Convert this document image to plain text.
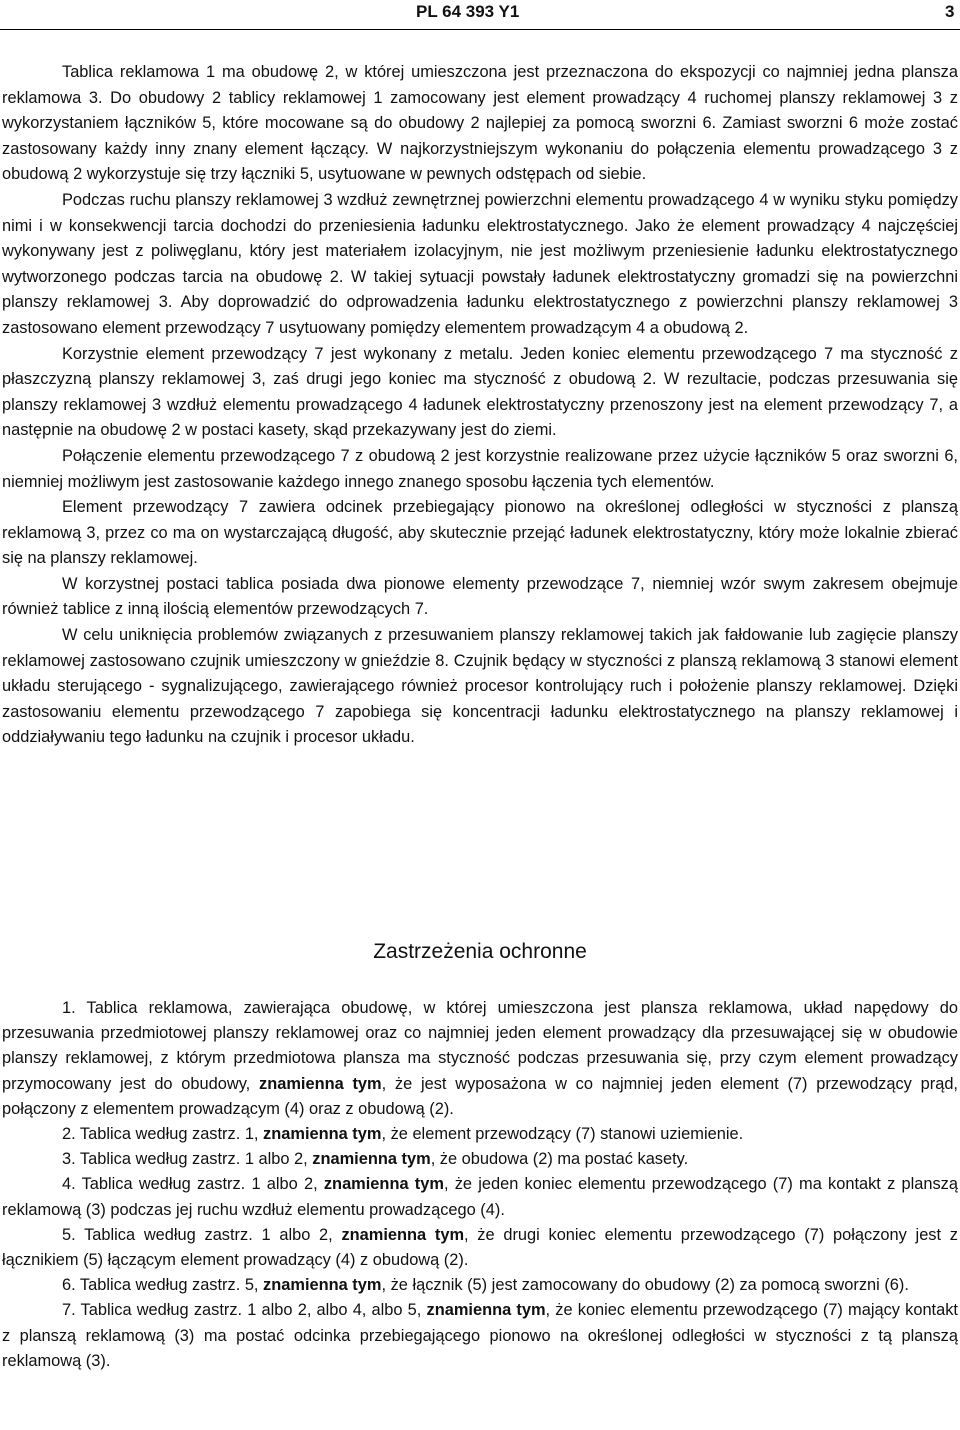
PL 64 393 Y1	3

Tablica reklamowa 1 ma obudowę 2, w której umieszczona jest przeznaczona do ekspozycji co najmniej jedna plansza reklamowa 3. Do obudowy 2 tablicy reklamowej 1 zamocowany jest element prowadzący 4 ruchomej planszy reklamowej 3 z wykorzystaniem łączników 5, które mocowane są do obudowy 2 najlepiej za pomocą sworzni 6. Zamiast sworzni 6 może zostać zastosowany każdy inny znany element łączący. W najkorzystniejszym wykonaniu do połączenia elementu prowadzącego 3 z obudową 2 wykorzystuje się trzy łączniki 5, usytuowane w pewnych odstępach od siebie.

Podczas ruchu planszy reklamowej 3 wzdłuż zewnętrznej powierzchni elementu prowadzącego 4 w wyniku styku pomiędzy nimi i w konsekwencji tarcia dochodzi do przeniesienia ładunku elektrostatycznego. Jako że element prowadzący 4 najczęściej wykonywany jest z poliwęglanu, który jest materiałem izolacyjnym, nie jest możliwym przeniesienie ładunku elektrostatycznego wytworzonego podczas tarcia na obudowę 2. W takiej sytuacji powstały ładunek elektrostatyczny gromadzi się na powierzchni planszy reklamowej 3. Aby doprowadzić do odprowadzenia ładunku elektrostatycznego z powierzchni planszy reklamowej 3 zastosowano element przewodzący 7 usytuowany pomiędzy elementem prowadzącym 4 a obudową 2.

Korzystnie element przewodzący 7 jest wykonany z metalu. Jeden koniec elementu przewodzącego 7 ma styczność z płaszczyzną planszy reklamowej 3, zaś drugi jego koniec ma styczność z obudową 2. W rezultacie, podczas przesuwania się planszy reklamowej 3 wzdłuż elementu prowadzącego 4 ładunek elektrostatyczny przenoszony jest na element przewodzący 7, a następnie na obudowę 2 w postaci kasety, skąd przekazywany jest do ziemi.

Połączenie elementu przewodzącego 7 z obudową 2 jest korzystnie realizowane przez użycie łączników 5 oraz sworzni 6, niemniej możliwym jest zastosowanie każdego innego znanego sposobu łączenia tych elementów.

Element przewodzący 7 zawiera odcinek przebiegający pionowo na określonej odległości w styczności z planszą reklamową 3, przez co ma on wystarczającą długość, aby skutecznie przejąć ładunek elektrostatyczny, który może lokalnie zbierać się na planszy reklamowej.

W korzystnej postaci tablica posiada dwa pionowe elementy przewodzące 7, niemniej wzór swym zakresem obejmuje również tablice z inną ilością elementów przewodzących 7.

W celu uniknięcia problemów związanych z przesuwaniem planszy reklamowej takich jak fałdowanie lub zagięcie planszy reklamowej zastosowano czujnik umieszczony w gnieździe 8. Czujnik będący w styczności z planszą reklamową 3 stanowi element układu sterującego - sygnalizującego, zawierającego również procesor kontrolujący ruch i położenie planszy reklamowej. Dzięki zastosowaniu elementu przewodzącego 7 zapobiega się koncentracji ładunku elektrostatycznego na planszy reklamowej i oddziaływaniu tego ładunku na czujnik i procesor układu.

Zastrzeżenia ochronne

1. Tablica reklamowa, zawierająca obudowę, w której umieszczona jest plansza reklamowa, układ napędowy do przesuwania przedmiotowej planszy reklamowej oraz co najmniej jeden element prowadzący dla przesuwającej się w obudowie planszy reklamowej, z którym przedmiotowa plansza ma styczność podczas przesuwania się, przy czym element prowadzący przymocowany jest do obudowy, znamienna tym, że jest wyposażona w co najmniej jeden element (7) przewodzący prąd, połączony z elementem prowadzącym (4) oraz z obudową (2).

2. Tablica według zastrz. 1, znamienna tym, że element przewodzący (7) stanowi uziemienie.

3. Tablica według zastrz. 1 albo 2, znamienna tym, że obudowa (2) ma postać kasety.

4. Tablica według zastrz. 1 albo 2, znamienna tym, że jeden koniec elementu przewodzącego (7) ma kontakt z planszą reklamową (3) podczas jej ruchu wzdłuż elementu prowadzącego (4).

5. Tablica według zastrz. 1 albo 2, znamienna tym, że drugi koniec elementu przewodzącego (7) połączony jest z łącznikiem (5) łączącym element prowadzący (4) z obudową (2).

6. Tablica według zastrz. 5, znamienna tym, że łącznik (5) jest zamocowany do obudowy (2) za pomocą sworzni (6).

7. Tablica według zastrz. 1 albo 2, albo 4, albo 5, znamienna tym, że koniec elementu przewodzącego (7) mający kontakt z planszą reklamową (3) ma postać odcinka przebiegającego pionowo na określonej odległości w styczności z tą planszą reklamową (3).
